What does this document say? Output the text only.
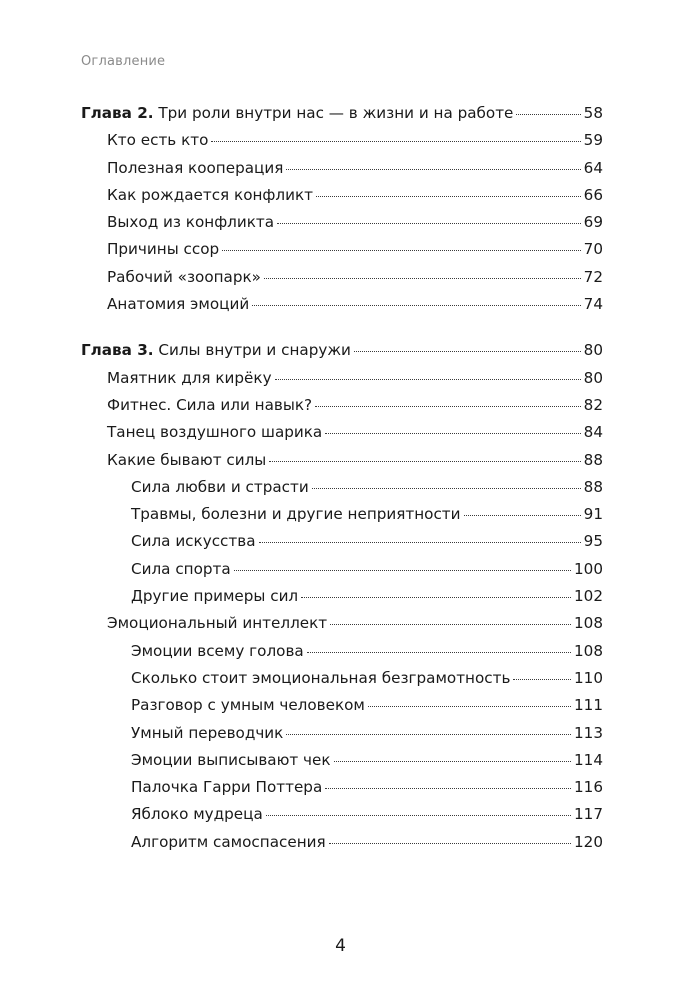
Оглавление
Глава 2. Три роли внутри нас — в жизни и на работе	58
Кто есть кто	59
Полезная кооперация	64
Как рождается конфликт	66
Выход из конфликта	69
Причины ссор	70
Рабочий «зоопарк»	72
Анатомия эмоций	74
Глава 3. Силы внутри и снаружи	80
Маятник для кирёку	80
Фитнес. Сила или навык?	82
Танец воздушного шарика	84
Какие бывают силы	88
Сила любви и страсти	88
Травмы, болезни и другие неприятности	91
Сила искусства	95
Сила спорта	100
Другие примеры сил	102
Эмоциональный интеллект	108
Эмоции всему голова	108
Сколько стоит эмоциональная безграмотность	110
Разговор с умным человеком	111
Умный переводчик	113
Эмоции выписывают чек	114
Палочка Гарри Поттера	116
Яблоко мудреца	117
Алгоритм самоспасения	120
4
